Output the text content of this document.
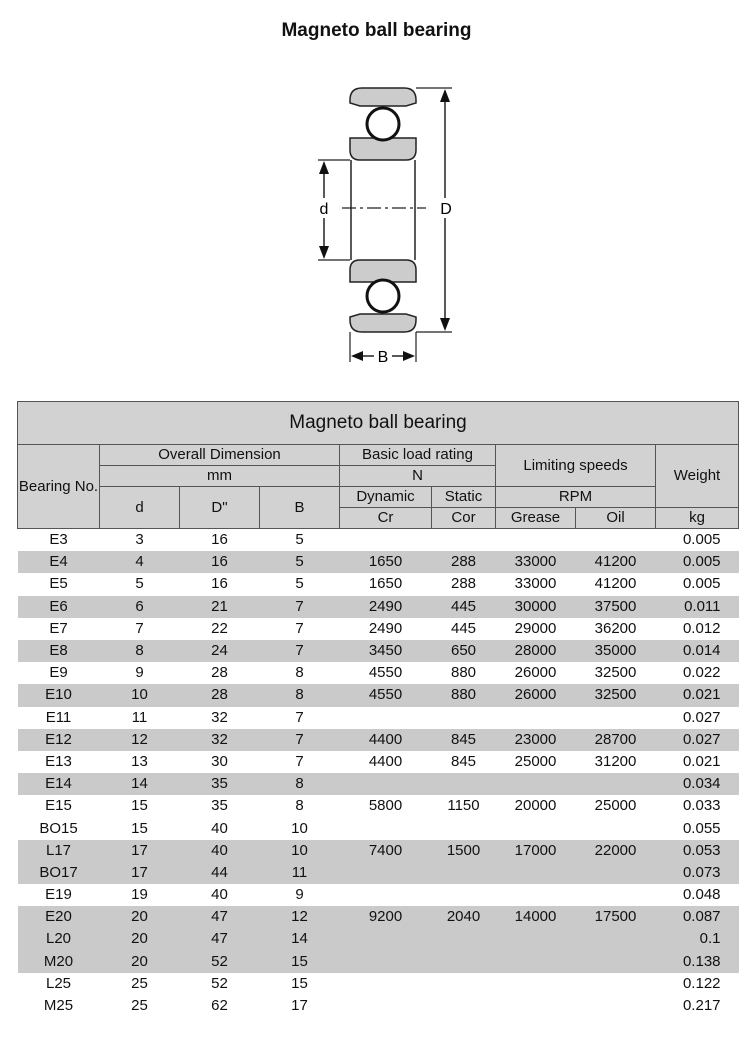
Magneto ball bearing
d	D
B
Magneto ball bearing								
Bearing No.	Overall Dimension			Basic load rating		Limiting speeds		Weight
	mm			N				
	d	D"	B	Dynamic	Static	RPM		
				Cr	Cor	Grease	Oil	kg
E3	3	16	5					0.005
E4	4	16	5	1650	288	33000	41200	0.005
E5	5	16	5	1650	288	33000	41200	0.005
E6	6	21	7	2490	445	30000	37500	0.011
E7	7	22	7	2490	445	29000	36200	0.012
E8	8	24	7	3450	650	28000	35000	0.014
E9	9	28	8	4550	880	26000	32500	0.022
E10	10	28	8	4550	880	26000	32500	0.021
E11	11	32	7					0.027
E12	12	32	7	4400	845	23000	28700	0.027
E13	13	30	7	4400	845	25000	31200	0.021
E14	14	35	8					0.034
E15	15	35	8	5800	1150	20000	25000	0.033
BO15	15	40	10					0.055
L17	17	40	10	7400	1500	17000	22000	0.053
BO17	17	44	11					0.073
E19	19	40	9					0.048
E20	20	47	12	9200	2040	14000	17500	0.087
L20	20	47	14					0.1
M20	20	52	15					0.138
L25	25	52	15					0.122
M25	25	62	17					0.217
